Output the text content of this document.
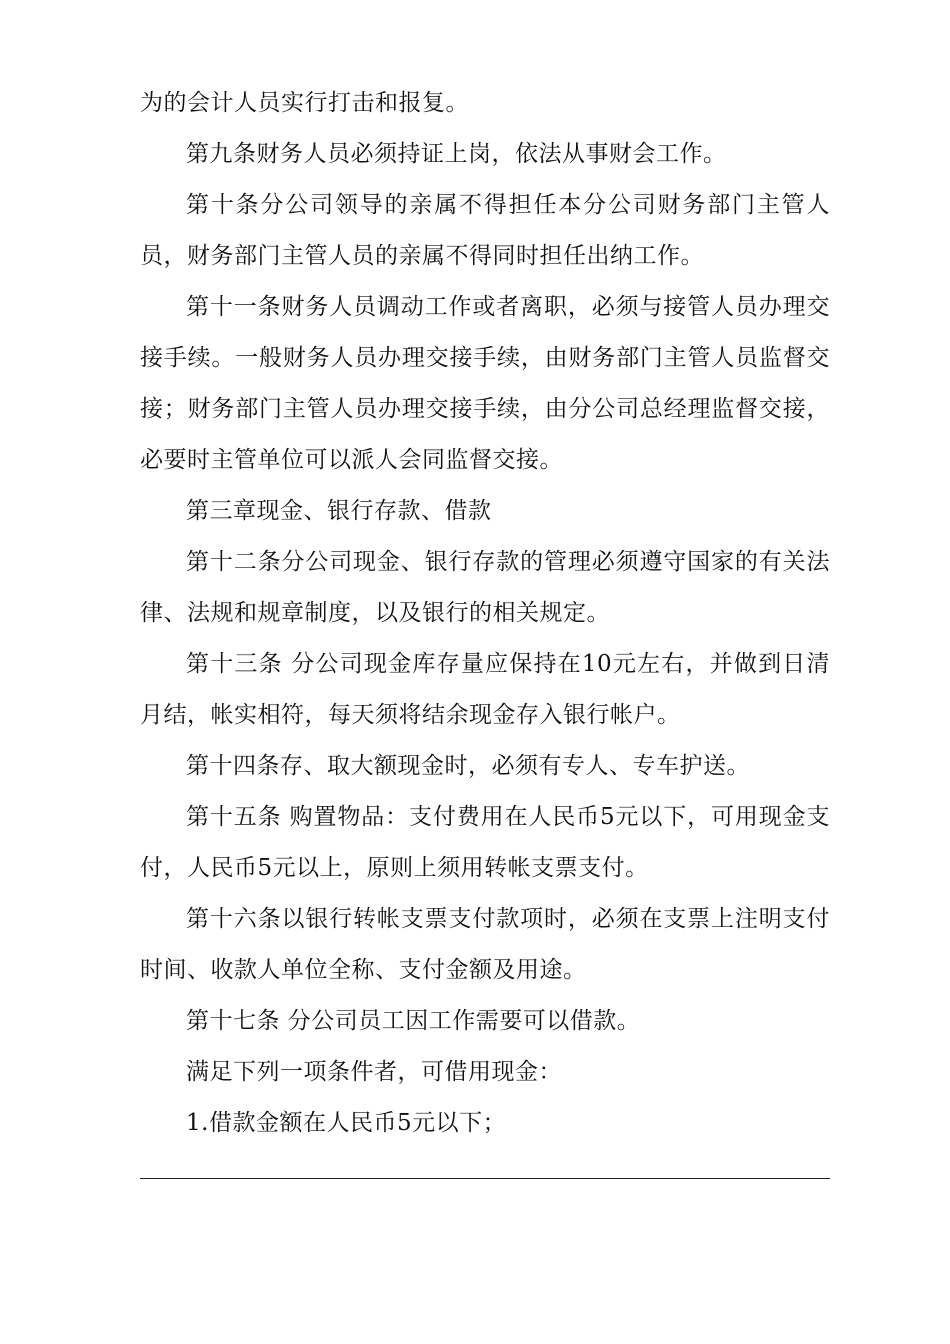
为的会计人员实行打击和报复。

第九条财务人员必须持证上岗，依法从事财会工作。

第十条分公司领导的亲属不得担任本分公司财务部门主管人员，财务部门主管人员的亲属不得同时担任出纳工作。

第十一条财务人员调动工作或者离职，必须与接管人员办理交接手续。一般财务人员办理交接手续，由财务部门主管人员监督交接；财务部门主管人员办理交接手续，由分公司总经理监督交接，必要时主管单位可以派人会同监督交接。

第三章现金、银行存款、借款

第十二条分公司现金、银行存款的管理必须遵守国家的有关法律、法规和规章制度，以及银行的相关规定。

第十三条 分公司现金库存量应保持在10元左右，并做到日清月结，帐实相符，每天须将结余现金存入银行帐户。

第十四条存、取大额现金时，必须有专人、专车护送。

第十五条 购置物品：支付费用在人民币5元以下，可用现金支付，人民币5元以上，原则上须用转帐支票支付。

第十六条以银行转帐支票支付款项时，必须在支票上注明支付时间、收款人单位全称、支付金额及用途。

第十七条 分公司员工因工作需要可以借款。

满足下列一项条件者，可借用现金：

1.借款金额在人民币5元以下；
